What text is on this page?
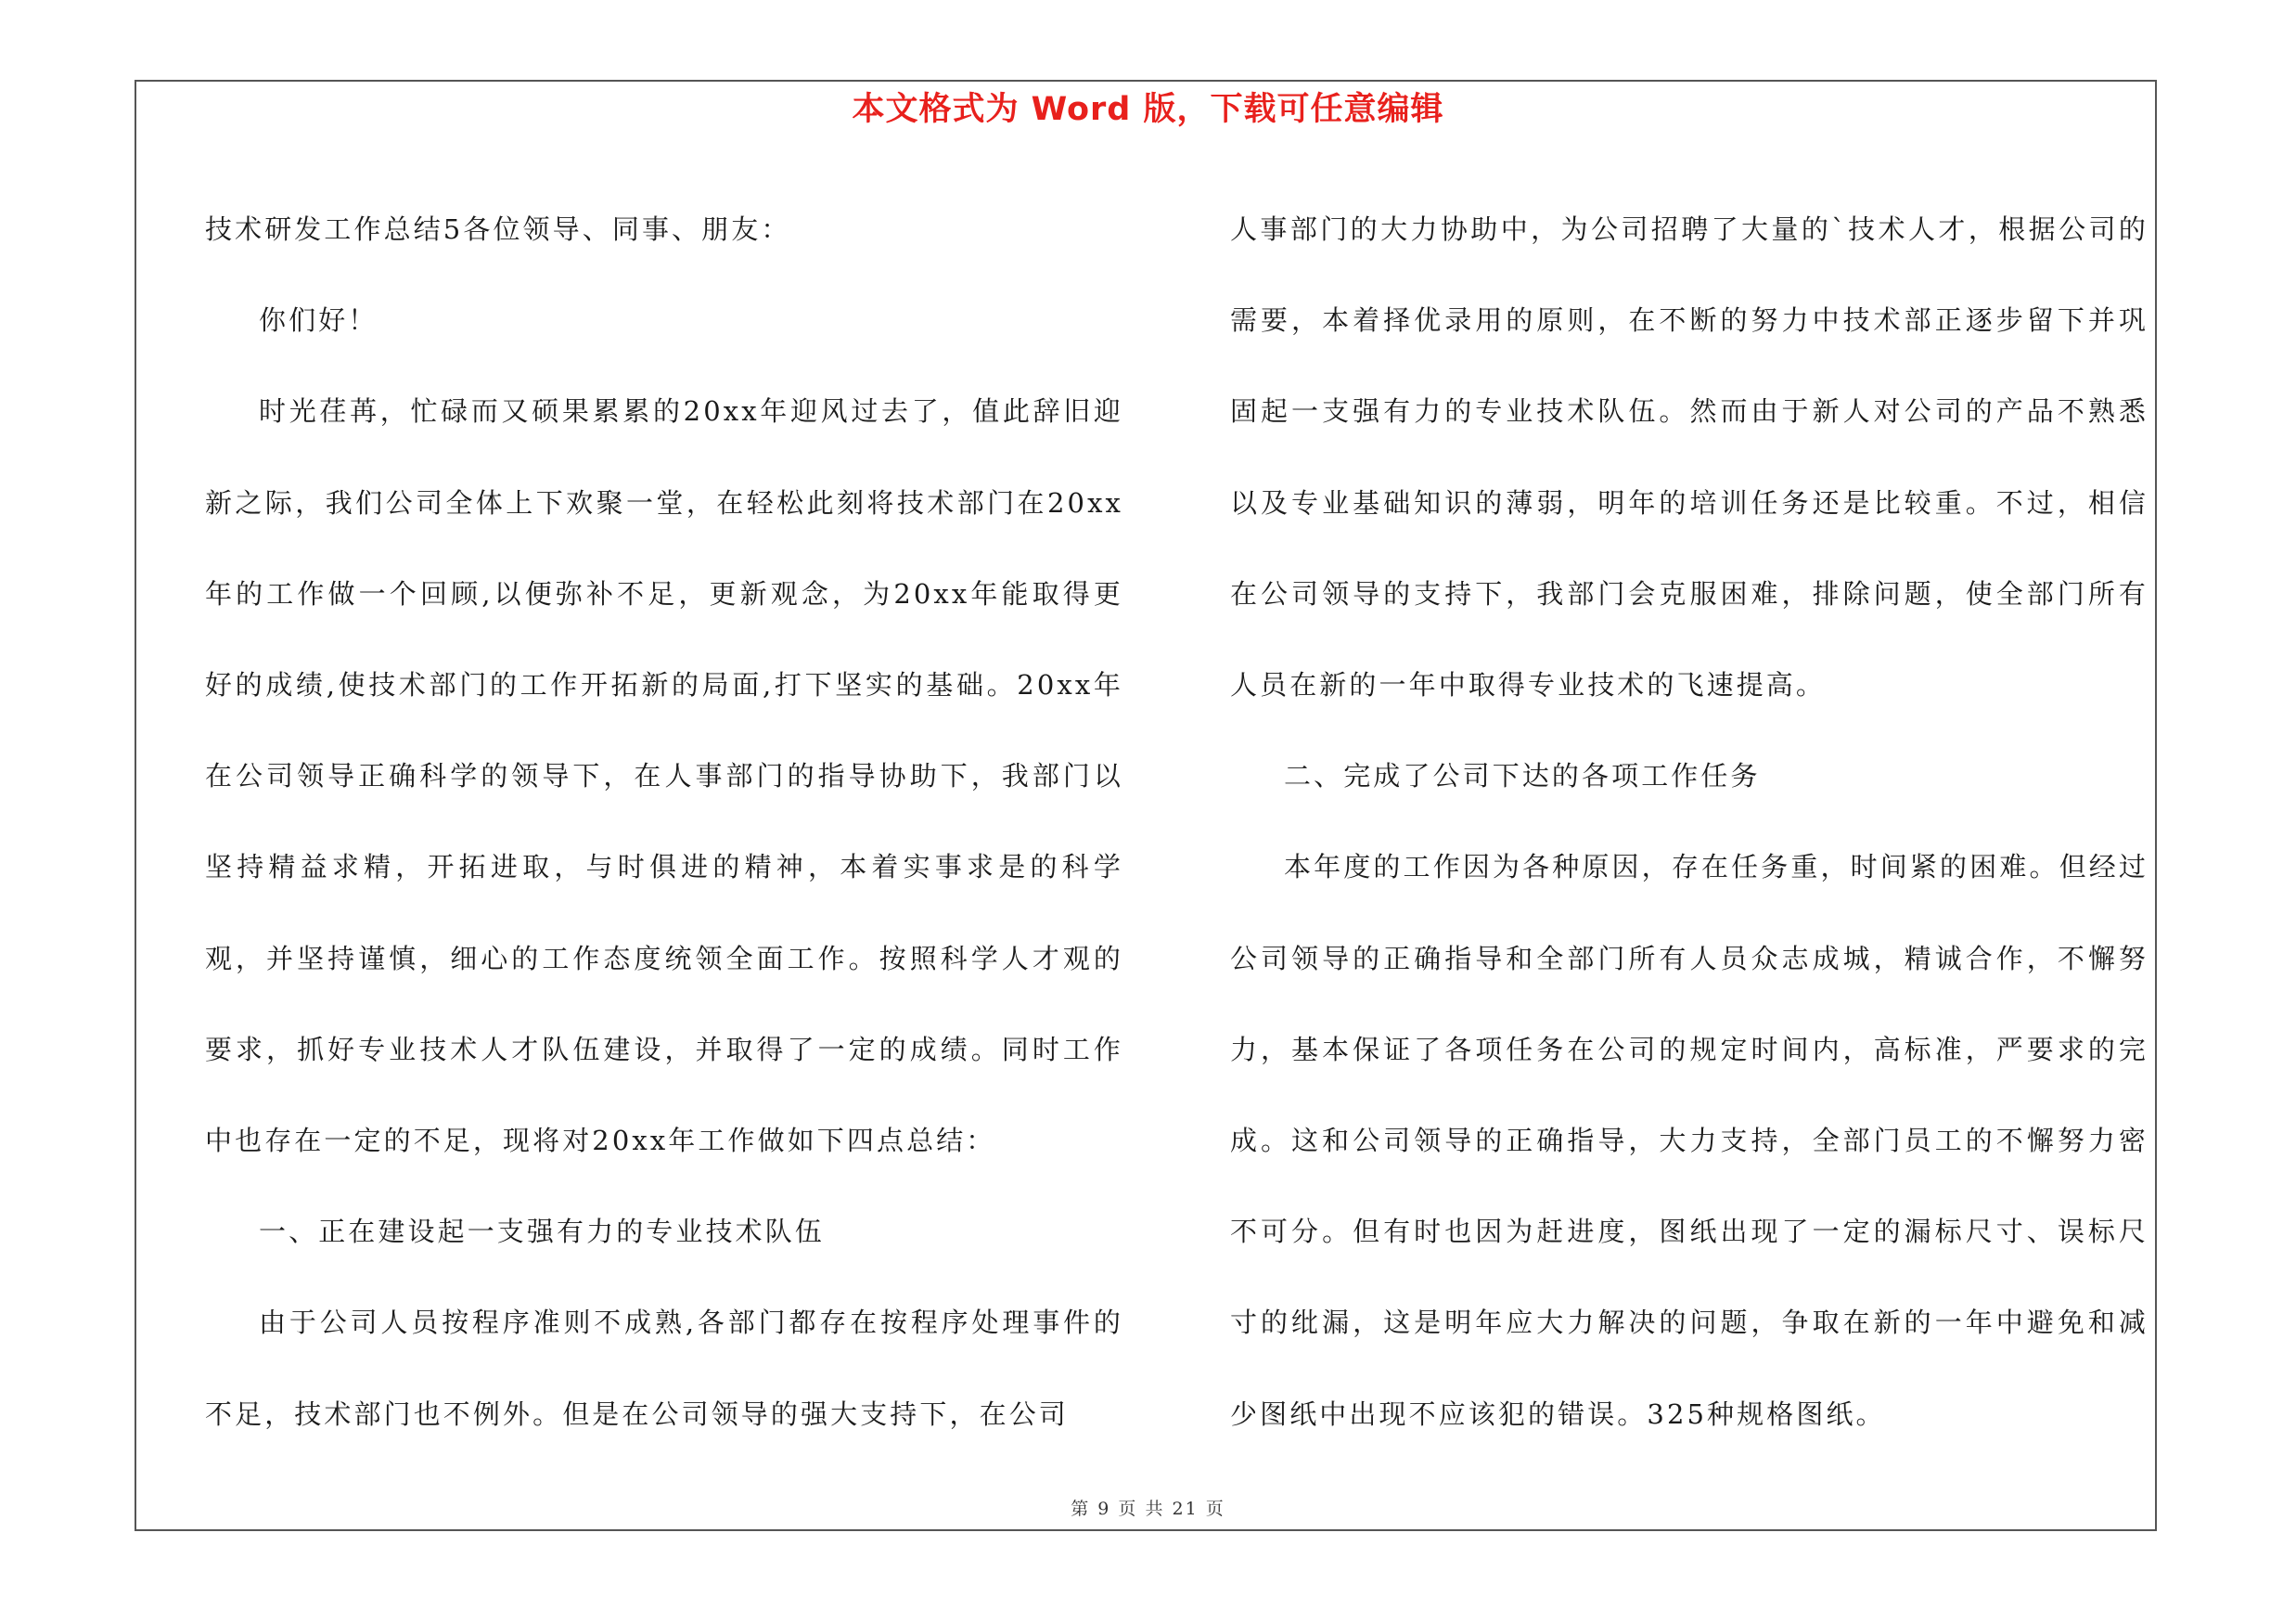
本文格式为 Word 版，下载可任意编辑

技术研发工作总结5各位领导、同事、朋友：

你们好！

时光荏苒，忙碌而又硕果累累的20xx年迎风过去了，值此辞旧迎新之际，我们公司全体上下欢聚一堂，在轻松此刻将技术部门在20xx年的工作做一个回顾,以便弥补不足，更新观念，为20xx年能取得更好的成绩,使技术部门的工作开拓新的局面,打下坚实的基础。20xx年在公司领导正确科学的领导下，在人事部门的指导协助下，我部门以坚持精益求精，开拓进取，与时俱进的精神，本着实事求是的科学观，并坚持谨慎，细心的工作态度统领全面工作。按照科学人才观的要求，抓好专业技术人才队伍建设，并取得了一定的成绩。同时工作中也存在一定的不足，现将对20xx年工作做如下四点总结：

一、正在建设起一支强有力的专业技术队伍

由于公司人员按程序准则不成熟,各部门都存在按程序处理事件的不足，技术部门也不例外。但是在公司领导的强大支持下，在公司

人事部门的大力协助中，为公司招聘了大量的`技术人才，根据公司的需要，本着择优录用的原则，在不断的努力中技术部正逐步留下并巩固起一支强有力的专业技术队伍。然而由于新人对公司的产品不熟悉以及专业基础知识的薄弱，明年的培训任务还是比较重。不过，相信在公司领导的支持下，我部门会克服困难，排除问题，使全部门所有人员在新的一年中取得专业技术的飞速提高。

二、完成了公司下达的各项工作任务

本年度的工作因为各种原因，存在任务重，时间紧的困难。但经过公司领导的正确指导和全部门所有人员众志成城，精诚合作，不懈努力，基本保证了各项任务在公司的规定时间内，高标准，严要求的完成。这和公司领导的正确指导，大力支持，全部门员工的不懈努力密不可分。但有时也因为赶进度，图纸出现了一定的漏标尺寸、误标尺寸的纰漏，这是明年应大力解决的问题，争取在新的一年中避免和减少图纸中出现不应该犯的错误。325种规格图纸。

第 9 页 共 21 页
